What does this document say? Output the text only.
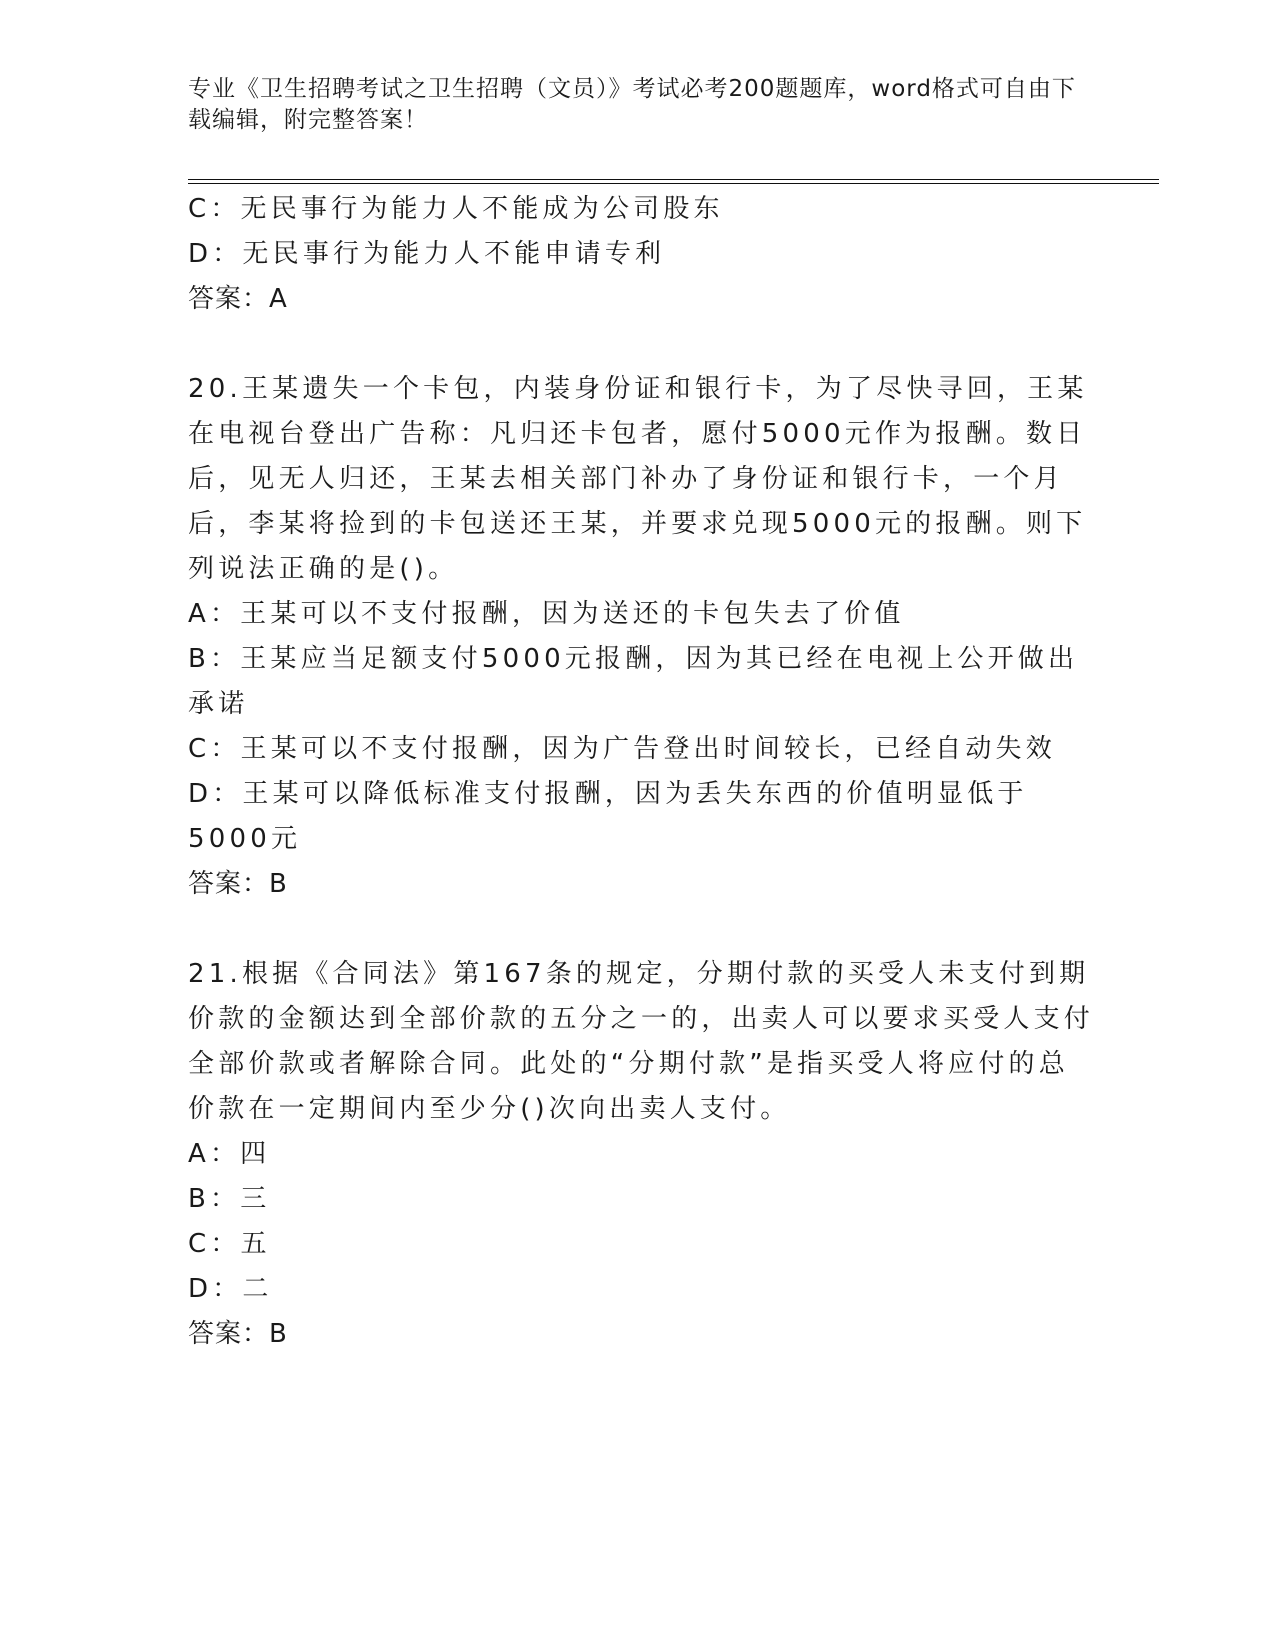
专业《卫生招聘考试之卫生招聘（文员）》考试必考200题题库，word格式可自由下载编辑，附完整答案！
C：无民事行为能力人不能成为公司股东
D：无民事行为能力人不能申请专利
答案：A
20.王某遗失一个卡包，内装身份证和银行卡，为了尽快寻回，王某在电视台登出广告称：凡归还卡包者，愿付5000元作为报酬。数日后，见无人归还，王某去相关部门补办了身份证和银行卡，一个月后，李某将捡到的卡包送还王某，并要求兑现5000元的报酬。则下列说法正确的是()。
A：王某可以不支付报酬，因为送还的卡包失去了价值
B：王某应当足额支付5000元报酬，因为其已经在电视上公开做出承诺
C：王某可以不支付报酬，因为广告登出时间较长，已经自动失效
D：王某可以降低标准支付报酬，因为丢失东西的价值明显低于5000元
答案：B
21.根据《合同法》第167条的规定，分期付款的买受人未支付到期价款的金额达到全部价款的五分之一的，出卖人可以要求买受人支付全部价款或者解除合同。此处的“分期付款”是指买受人将应付的总价款在一定期间内至少分()次向出卖人支付。
A：四
B：三
C：五
D：二
答案：B
